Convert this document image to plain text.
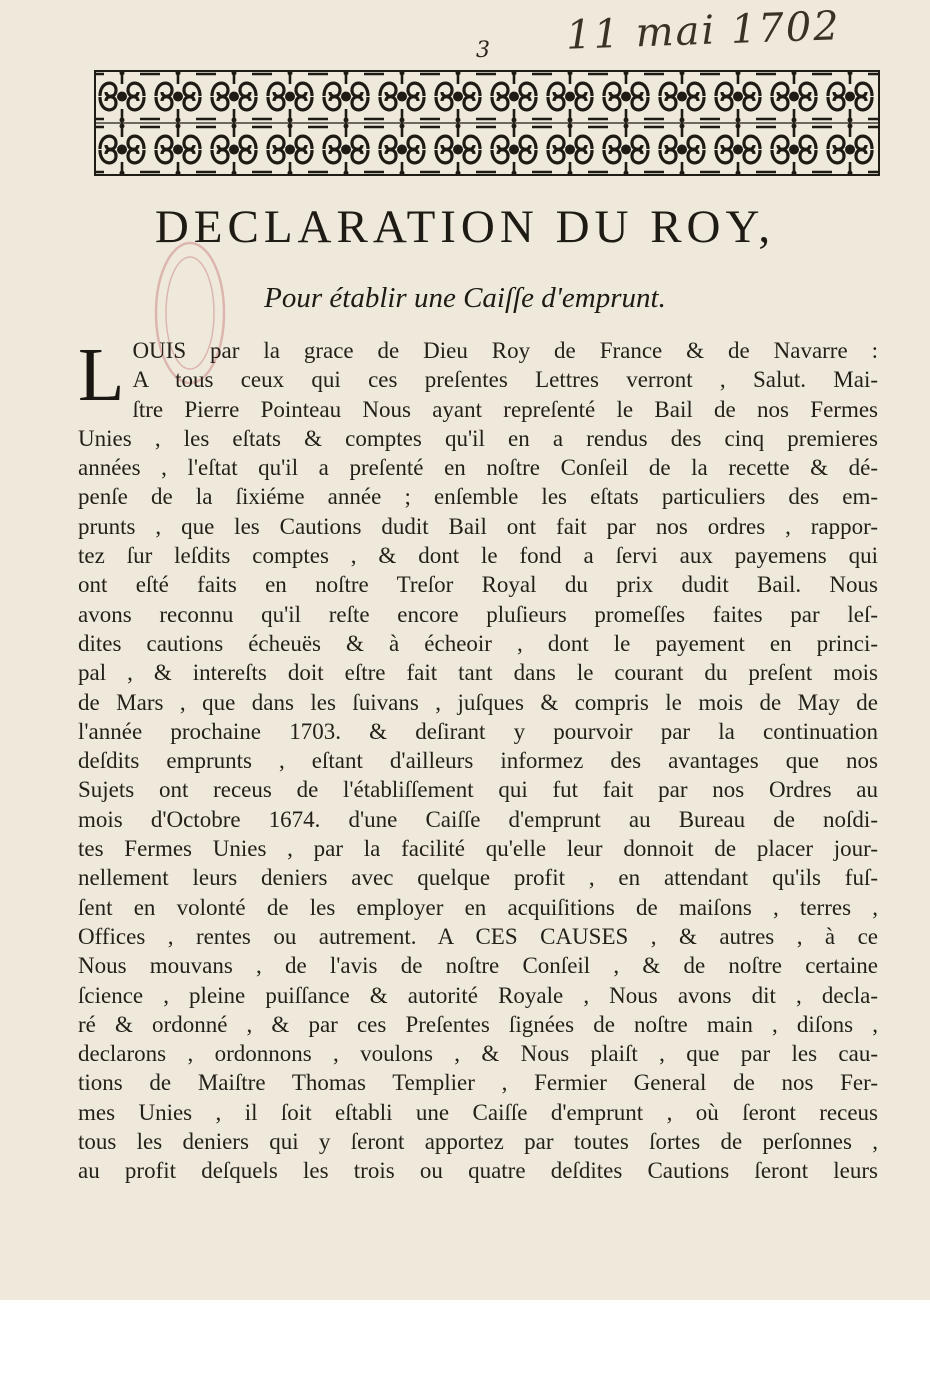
11 mai 1702
3
DECLARATION DU ROY,
Pour établir une Caiſſe d'emprunt.
L OUIS par la grace de Dieu Roy de France & de Navarre :
A tous ceux qui ces preſentes Lettres verront , Salut. Mai-
ſtre Pierre Pointeau Nous ayant repreſenté le Bail de nos Fermes
Unies , les eſtats & comptes qu'il en a rendus des cinq premieres
années , l'eſtat qu'il a preſenté en noſtre Conſeil de la recette & dé-
penſe de la ſixiéme année ; enſemble les eſtats particuliers des em-
prunts , que les Cautions dudit Bail ont fait par nos ordres , rappor-
tez ſur leſdits comptes , & dont le fond a ſervi aux payemens qui
ont eſté faits en noſtre Treſor Royal du prix dudit Bail. Nous
avons reconnu qu'il reſte encore pluſieurs promeſſes faites par leſ-
dites cautions écheuës & à écheoir , dont le payement en princi-
pal , & intereſts doit eſtre fait tant dans le courant du preſent mois
de Mars , que dans les ſuivans , juſques & compris le mois de May de
l'année prochaine 1703. & deſirant y pourvoir par la continuation
deſdits emprunts , eſtant d'ailleurs informez des avantages que nos
Sujets ont receus de l'établiſſement qui fut fait par nos Ordres au
mois d'Octobre 1674. d'une Caiſſe d'emprunt au Bureau de noſdi-
tes Fermes Unies , par la facilité qu'elle leur donnoit de placer jour-
nellement leurs deniers avec quelque profit , en attendant qu'ils fuſ-
ſent en volonté de les employer en acquiſitions de maiſons , terres ,
Offices , rentes ou autrement. A CES CAUSES , & autres , à ce
Nous mouvans , de l'avis de noſtre Conſeil , & de noſtre certaine
ſcience , pleine puiſſance & autorité Royale , Nous avons dit , decla-
ré & ordonné , & par ces Preſentes ſignées de noſtre main , diſons ,
declarons , ordonnons , voulons , & Nous plaiſt , que par les cau-
tions de Maiſtre Thomas Templier , Fermier General de nos Fer-
mes Unies , il ſoit eſtabli une Caiſſe d'emprunt , où ſeront receus
tous les deniers qui y ſeront apportez par toutes ſortes de perſonnes ,
au profit deſquels les trois ou quatre deſdites Cautions ſeront leurs
